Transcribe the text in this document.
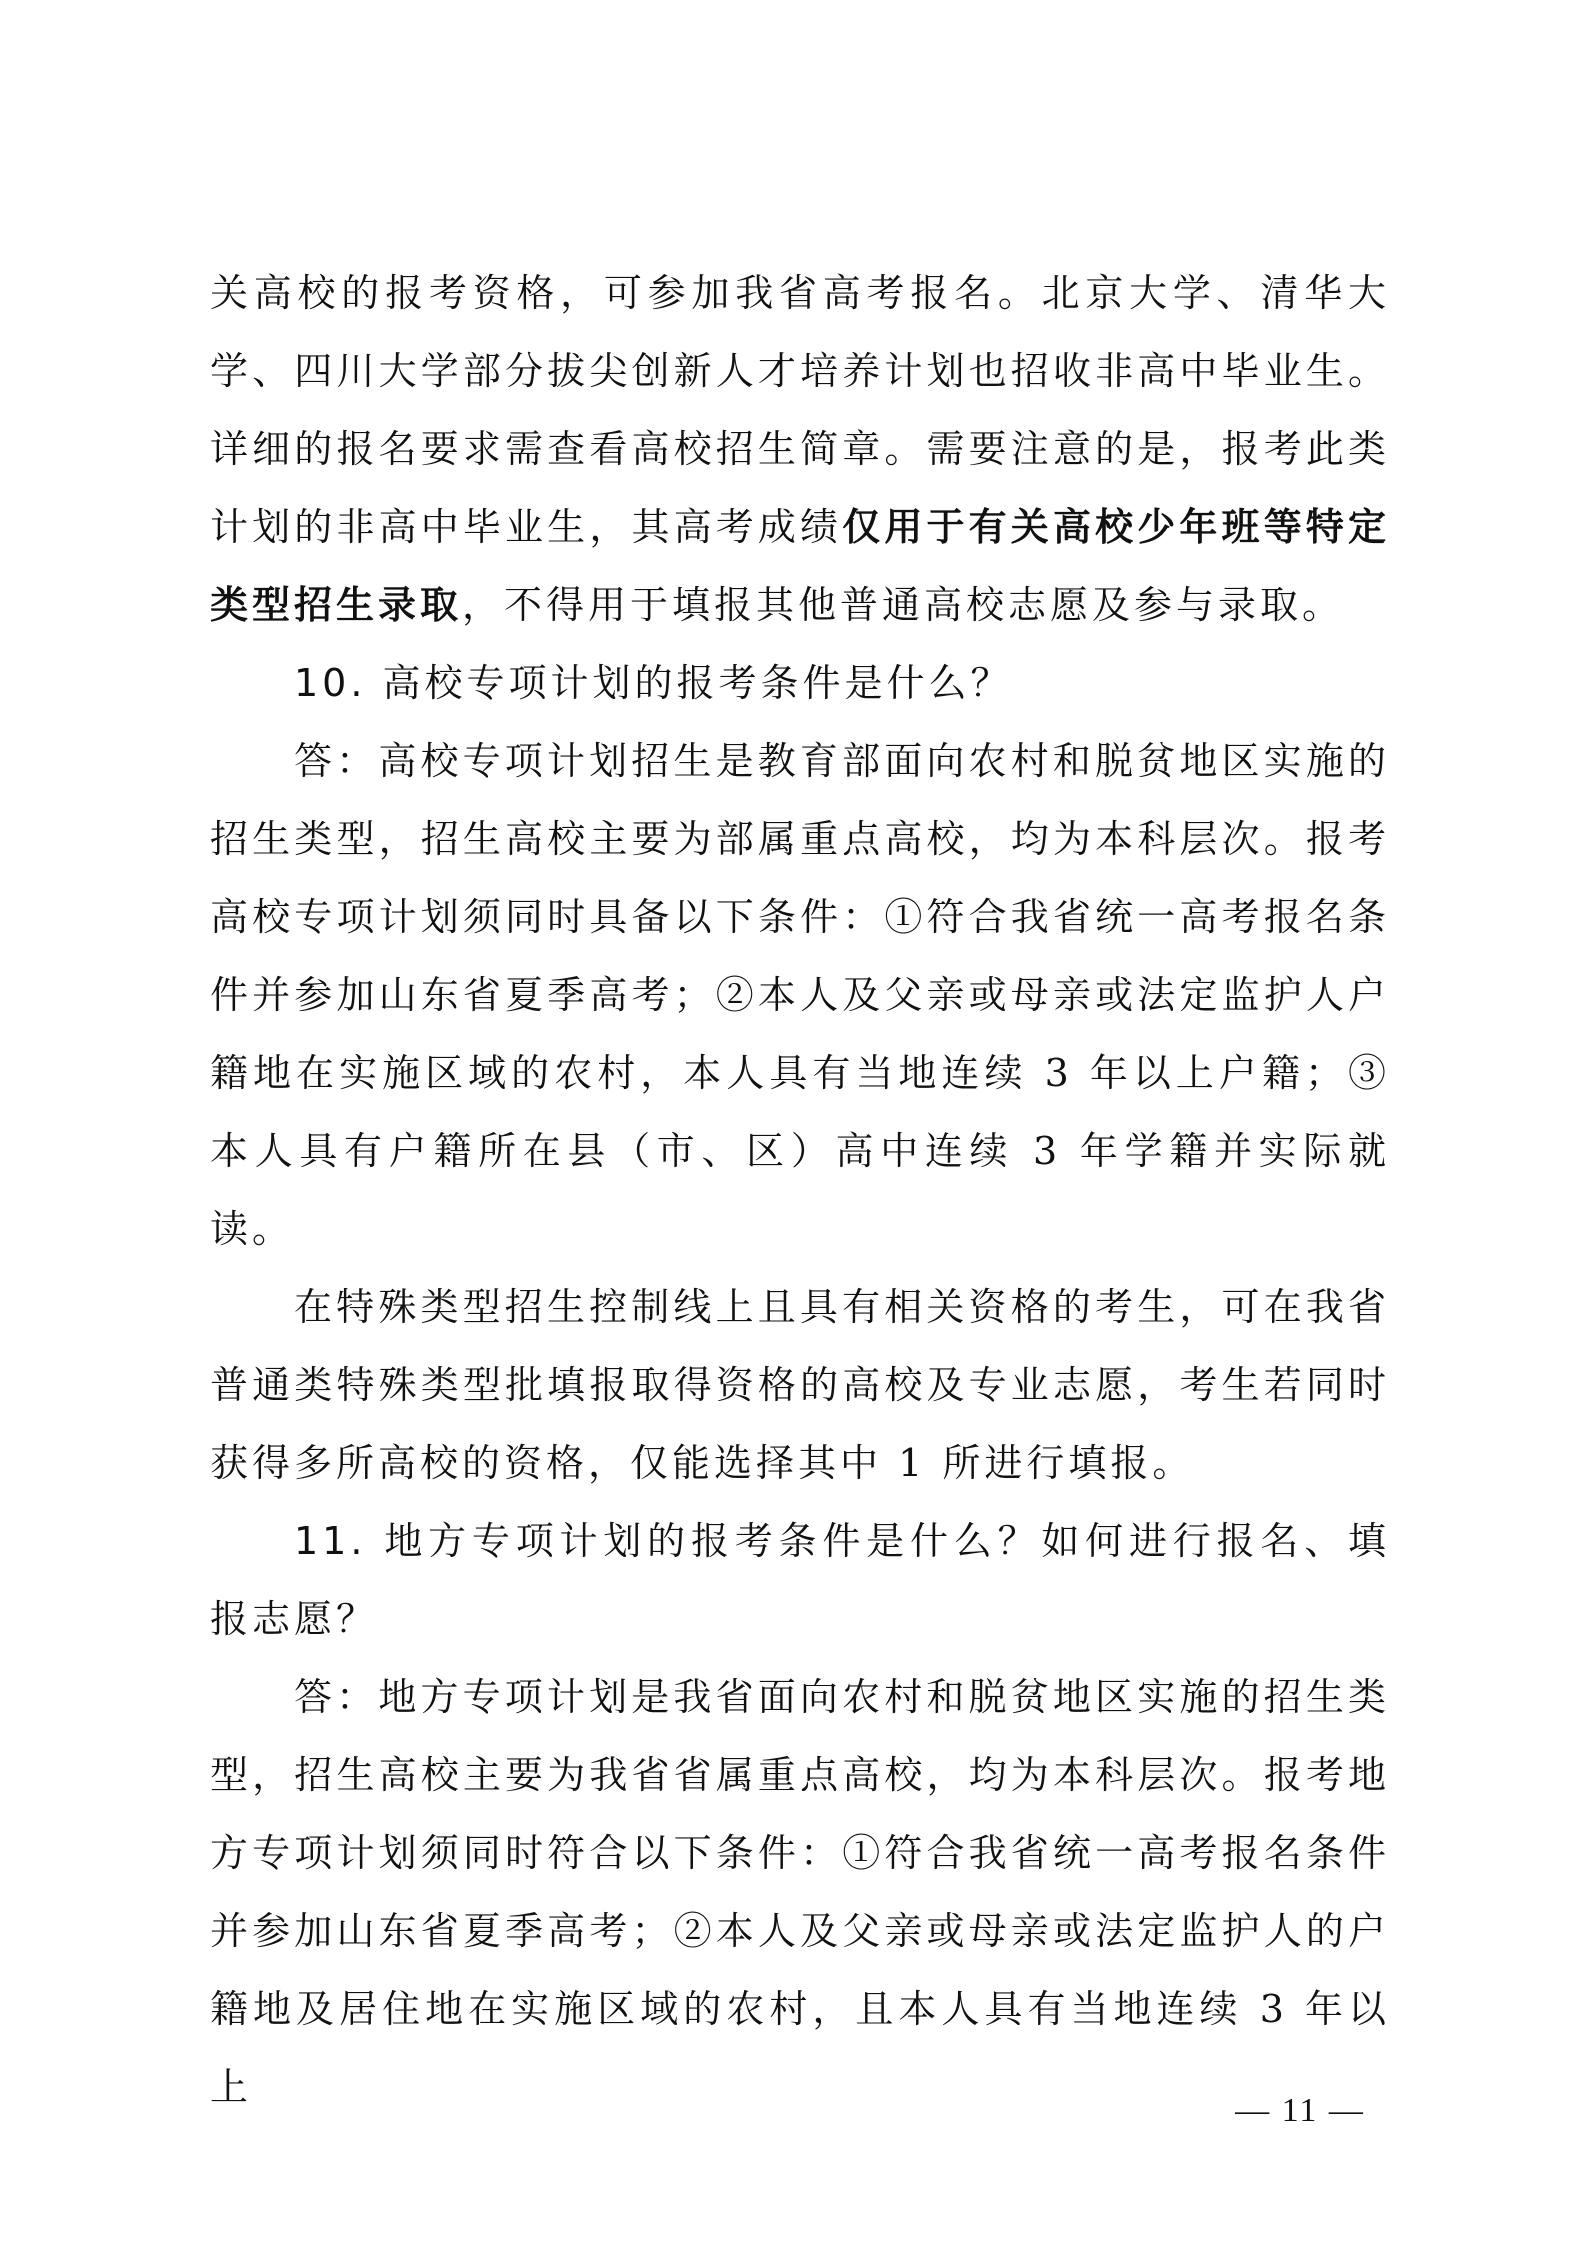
关高校的报考资格，可参加我省高考报名。北京大学、清华大学、四川大学部分拔尖创新人才培养计划也招收非高中毕业生。详细的报名要求需查看高校招生简章。需要注意的是，报考此类计划的非高中毕业生，其高考成绩仅用于有关高校少年班等特定类型招生录取，不得用于填报其他普通高校志愿及参与录取。

10. 高校专项计划的报考条件是什么？

答：高校专项计划招生是教育部面向农村和脱贫地区实施的招生类型，招生高校主要为部属重点高校，均为本科层次。报考高校专项计划须同时具备以下条件：①符合我省统一高考报名条件并参加山东省夏季高考；②本人及父亲或母亲或法定监护人户籍地在实施区域的农村，本人具有当地连续 3 年以上户籍；③本人具有户籍所在县（市、区）高中连续 3 年学籍并实际就读。

在特殊类型招生控制线上且具有相关资格的考生，可在我省普通类特殊类型批填报取得资格的高校及专业志愿，考生若同时获得多所高校的资格，仅能选择其中 1 所进行填报。

11. 地方专项计划的报考条件是什么？如何进行报名、填报志愿？

答：地方专项计划是我省面向农村和脱贫地区实施的招生类型，招生高校主要为我省省属重点高校，均为本科层次。报考地方专项计划须同时符合以下条件：①符合我省统一高考报名条件并参加山东省夏季高考；②本人及父亲或母亲或法定监护人的户籍地及居住地在实施区域的农村，且本人具有当地连续 3 年以上

— 11 —
